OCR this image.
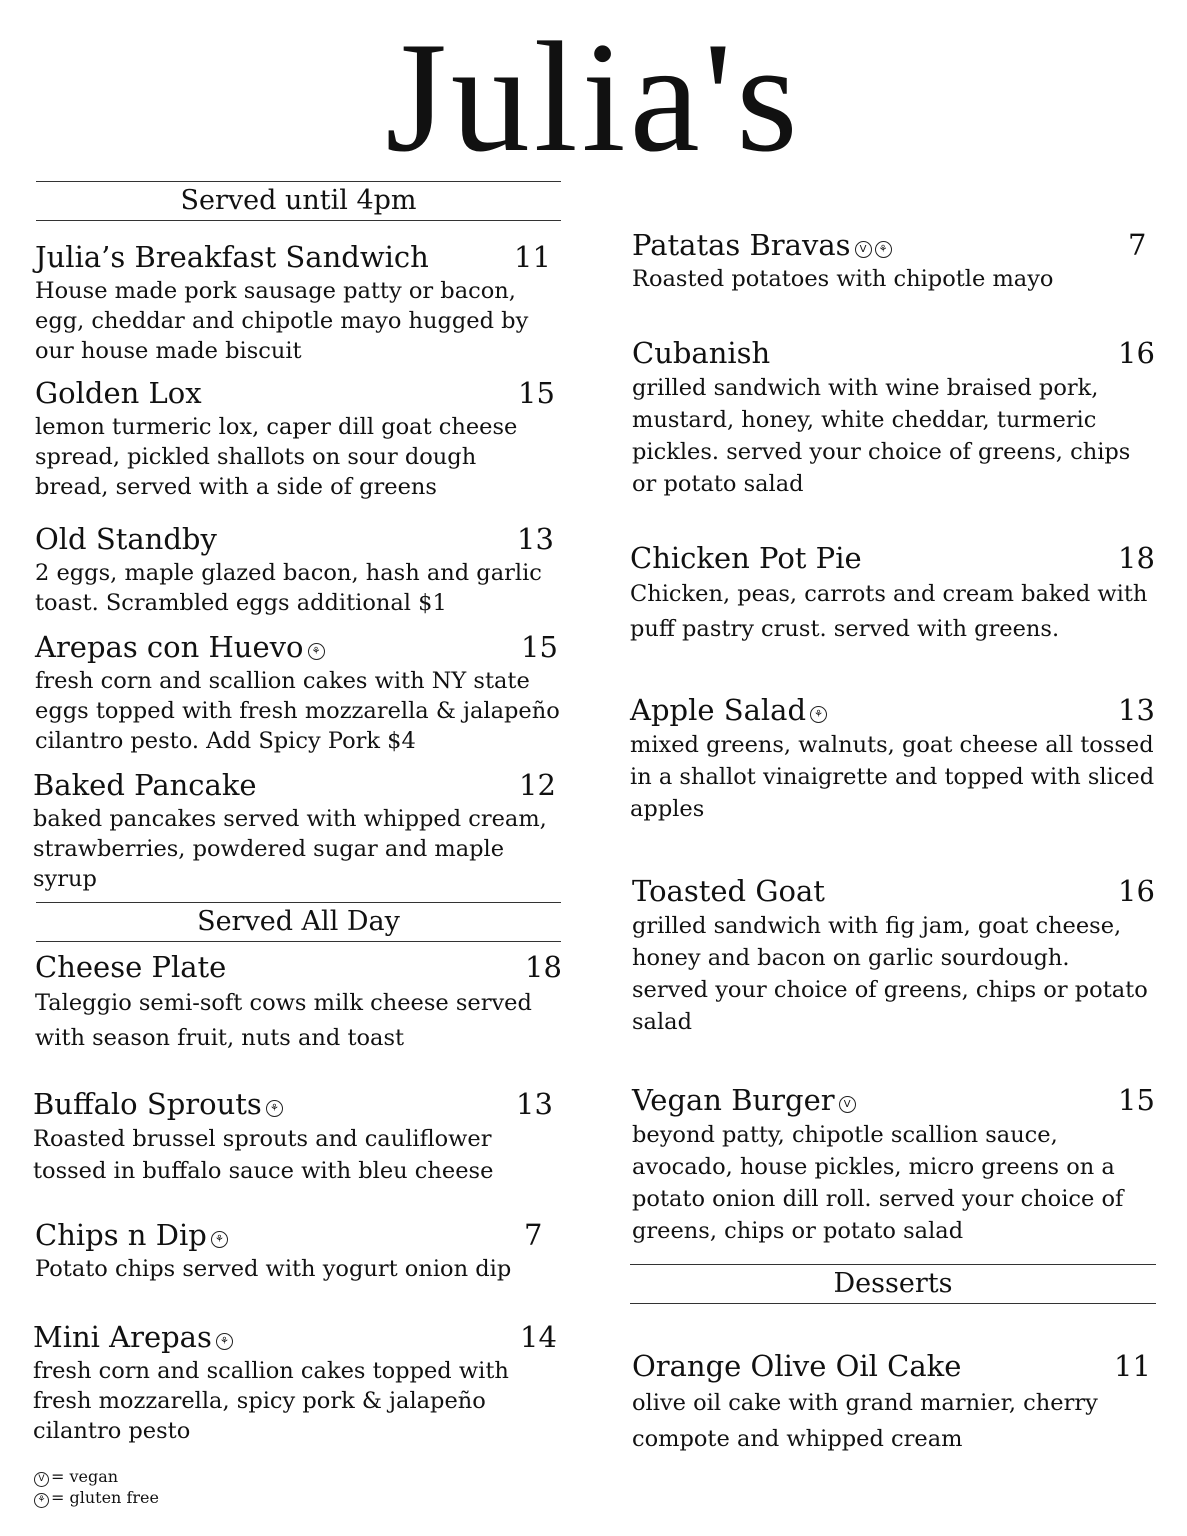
Julia's
Served until 4pm
Julia’s Breakfast Sandwich	11
House made pork sausage patty or bacon, egg, cheddar and chipotle mayo hugged by our house made biscuit
Golden Lox	15
lemon turmeric lox, caper dill goat cheese spread, pickled shallots on sour dough bread, served with a side of greens
Old Standby	13
2 eggs, maple glazed bacon, hash and garlic toast. Scrambled eggs additional $1
Arepas con Huevo ⚘	15
fresh corn and scallion cakes with NY state eggs topped with fresh mozzarella & jalapeño cilantro pesto. Add Spicy Pork $4
Baked Pancake	12
baked pancakes served with whipped cream, strawberries, powdered sugar and maple syrup
Served All Day
Cheese Plate	18
Taleggio semi-soft cows milk cheese served with season fruit, nuts and toast
Buffalo Sprouts ⚘	13
Roasted brussel sprouts and cauliflower tossed in buffalo sauce with bleu cheese
Chips n Dip ⚘	7
Potato chips served with yogurt onion dip
Mini Arepas ⚘	14
fresh corn and scallion cakes topped with fresh mozzarella, spicy pork & jalapeño cilantro pesto
V = vegan
⚘ = gluten free
Patatas Bravas V ⚘	7
Roasted potatoes with chipotle mayo
Cubanish	16
grilled sandwich with wine braised pork, mustard, honey, white cheddar, turmeric pickles. served your choice of greens, chips or potato salad
Chicken Pot Pie	18
Chicken, peas, carrots and cream baked with puff pastry crust. served with greens.
Apple Salad ⚘	13
mixed greens, walnuts, goat cheese all tossed in a shallot vinaigrette and topped with sliced apples
Toasted Goat	16
grilled sandwich with fig jam, goat cheese, honey and bacon on garlic sourdough. served your choice of greens, chips or potato salad
Vegan Burger V	15
beyond patty, chipotle scallion sauce, avocado, house pickles, micro greens on a potato onion dill roll. served your choice of greens, chips or potato salad
Desserts
Orange Olive Oil Cake	11
olive oil cake with grand marnier, cherry compote and whipped cream
